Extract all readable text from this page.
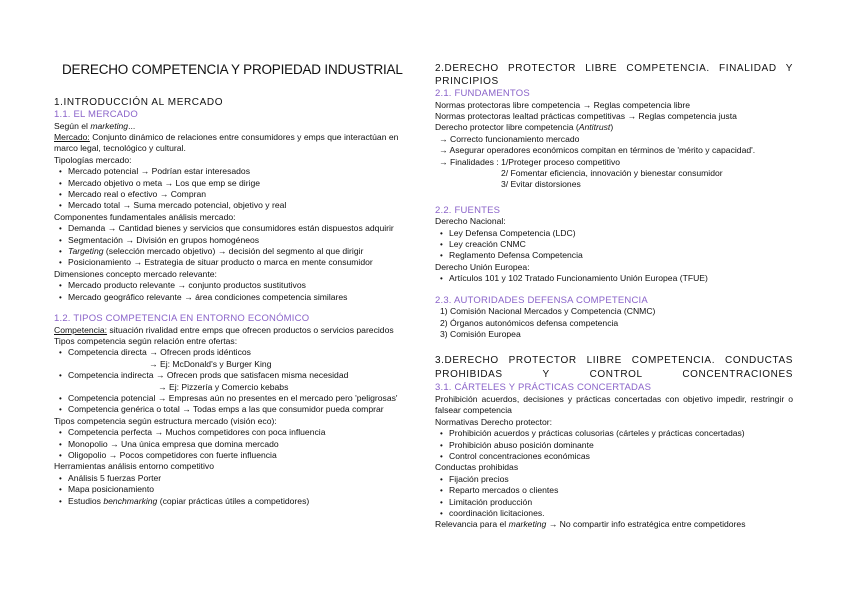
DERECHO COMPETENCIA Y PROPIEDAD INDUSTRIAL
1.INTRODUCCIÓN AL MERCADO
1.1. EL MERCADO
Según el marketing...
Mercado: Conjunto dinámico de relaciones entre consumidores y emps que interactúan en marco legal, tecnológico y cultural.
Tipologías mercado:
• Mercado potencial → Podrían estar interesados
• Mercado objetivo o meta → Los que emp se dirige
• Mercado real o efectivo → Compran
• Mercado total → Suma mercado potencial, objetivo y real
Componentes fundamentales análisis mercado:
• Demanda → Cantidad bienes y servicios que consumidores están dispuestos adquirir
• Segmentación → División en grupos homogéneos
• Targeting (selección mercado objetivo) → decisión del segmento al que dirigir
• Posicionamiento → Estrategia de situar producto o marca en mente consumidor
Dimensiones concepto mercado relevante:
• Mercado producto relevante → conjunto productos sustitutivos
• Mercado geográfico relevante → área condiciones competencia similares
1.2. TIPOS COMPETENCIA EN ENTORNO ECONÓMICO
Competencia: situación rivalidad entre emps que ofrecen productos o servicios parecidos
Tipos competencia según relación entre ofertas:
• Competencia directa → Ofrecen prods idénticos
→ Ej: McDonald's y Burger King
• Competencia indirecta → Ofrecen prods que satisfacen misma necesidad
→ Ej: Pizzería y Comercio kebabs
• Competencia potencial → Empresas aún no presentes en el mercado pero 'peligrosas'
• Competencia genérica o total → Todas emps a las que consumidor pueda comprar
Tipos competencia según estructura mercado (visión eco):
• Competencia perfecta → Muchos competidores con poca influencia
• Monopolio → Una única empresa que domina mercado
• Oligopolio → Pocos competidores con fuerte influencia
Herramientas análisis entorno competitivo
• Análisis 5 fuerzas Porter
• Mapa posicionamiento
• Estudios benchmarking (copiar prácticas útiles a competidores)
2.DERECHO PROTECTOR LIBRE COMPETENCIA. FINALIDAD Y PRINCIPIOS
2.1. FUNDAMENTOS
Normas protectoras libre competencia → Reglas competencia libre
Normas protectoras lealtad prácticas competitivas → Reglas competencia justa
Derecho protector libre competencia (Antitrust)
→ Correcto funcionamiento mercado
→ Asegurar operadores económicos compitan en términos de 'mérito y capacidad'.
→ Finalidades : 1/Proteger proceso competitivo
2/ Fomentar eficiencia, innovación y bienestar consumidor
3/ Evitar distorsiones
2.2. FUENTES
Derecho Nacional:
• Ley Defensa Competencia (LDC)
• Ley creación CNMC
• Reglamento Defensa Competencia
Derecho Unión Europea:
• Artículos 101 y 102 Tratado Funcionamiento Unión Europea (TFUE)
2.3. AUTORIDADES DEFENSA COMPETENCIA
1) Comisión Nacional Mercados y Competencia (CNMC)
2) Órganos autonómicos defensa competencia
3) Comisión Europea
3.DERECHO PROTECTOR LIIBRE COMPETENCIA. CONDUCTAS PROHIBIDAS Y CONTROL CONCENTRACIONES
3.1. CÁRTELES Y PRÁCTICAS CONCERTADAS
Prohibición acuerdos, decisiones y prácticas concertadas con objetivo impedir, restringir o falsear competencia
Normativas Derecho protector:
• Prohibición acuerdos y prácticas colusorias (cárteles y prácticas concertadas)
• Prohibición abuso posición dominante
• Control concentraciones económicas
Conductas prohibidas
• Fijación precios
• Reparto mercados o clientes
• Limitación producción
• coordinación licitaciones.
Relevancia para el marketing → No compartir info estratégica entre competidores
